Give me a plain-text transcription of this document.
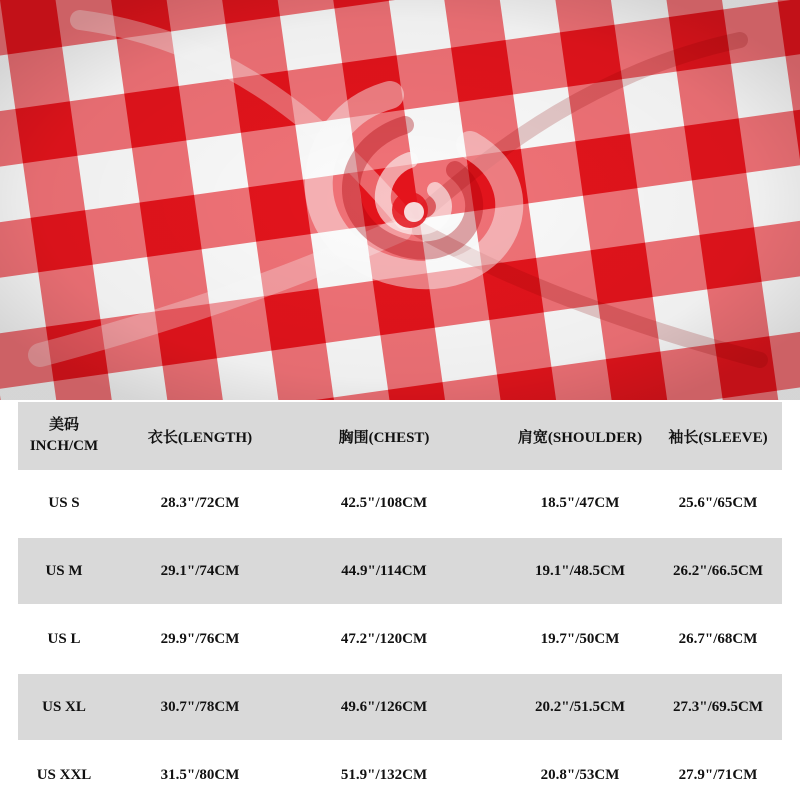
美码
INCH/CM
衣长(LENGTH)	胸围(CHEST)	肩宽(SHOULDER)	袖长(SLEEVE)
US S	28.3"/72CM	42.5"/108CM	18.5"/47CM	25.6"/65CM
US M	29.1"/74CM	44.9"/114CM	19.1"/48.5CM	26.2"/66.5CM
US L	29.9"/76CM	47.2"/120CM	19.7"/50CM	26.7"/68CM
US XL	30.7"/78CM	49.6"/126CM	20.2"/51.5CM	27.3"/69.5CM
US XXL	31.5"/80CM	51.9"/132CM	20.8"/53CM	27.9"/71CM
